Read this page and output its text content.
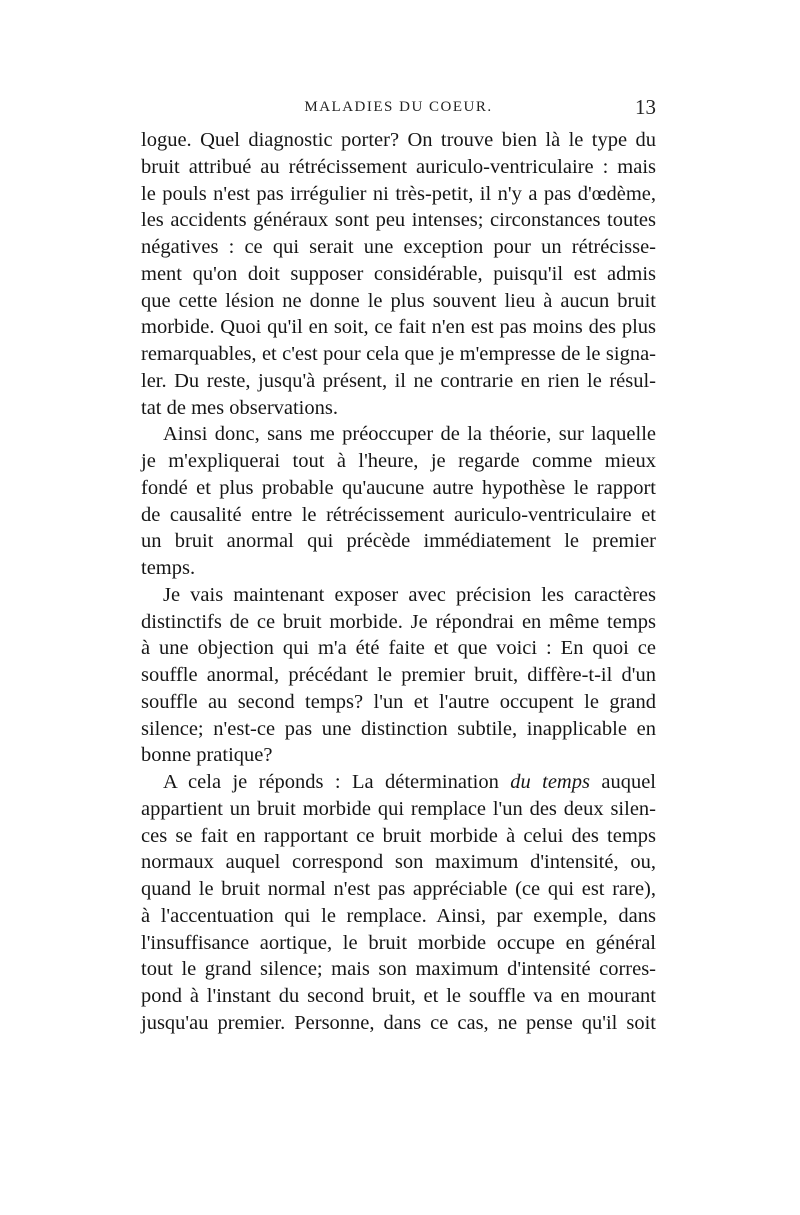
MALADIES DU COEUR.	13
logue. Quel diagnostic porter? On trouve bien là le type du
bruit attribué au rétrécissement auriculo-ventriculaire : mais
le pouls n'est pas irrégulier ni très-petit, il n'y a pas d'œdème,
les accidents généraux sont peu intenses; circonstances toutes
négatives : ce qui serait une exception pour un rétrécisse-
ment qu'on doit supposer considérable, puisqu'il est admis
que cette lésion ne donne le plus souvent lieu à aucun bruit
morbide. Quoi qu'il en soit, ce fait n'en est pas moins des plus
remarquables, et c'est pour cela que je m'empresse de le signa-
ler. Du reste, jusqu'à présent, il ne contrarie en rien le résul-
tat de mes observations.
Ainsi donc, sans me préoccuper de la théorie, sur laquelle
je m'expliquerai tout à l'heure, je regarde comme mieux
fondé et plus probable qu'aucune autre hypothèse le rapport
de causalité entre le rétrécissement auriculo-ventriculaire et
un bruit anormal qui précède immédiatement le premier
temps.
Je vais maintenant exposer avec précision les caractères
distinctifs de ce bruit morbide. Je répondrai en même temps
à une objection qui m'a été faite et que voici : En quoi ce
souffle anormal, précédant le premier bruit, diffère-t-il d'un
souffle au second temps? l'un et l'autre occupent le grand
silence; n'est-ce pas une distinction subtile, inapplicable en
bonne pratique?
A cela je réponds : La détermination du temps auquel
appartient un bruit morbide qui remplace l'un des deux silen-
ces se fait en rapportant ce bruit morbide à celui des temps
normaux auquel correspond son maximum d'intensité, ou,
quand le bruit normal n'est pas appréciable (ce qui est rare),
à l'accentuation qui le remplace. Ainsi, par exemple, dans
l'insuffisance aortique, le bruit morbide occupe en général
tout le grand silence; mais son maximum d'intensité corres-
pond à l'instant du second bruit, et le souffle va en mourant
jusqu'au premier. Personne, dans ce cas, ne pense qu'il soit
